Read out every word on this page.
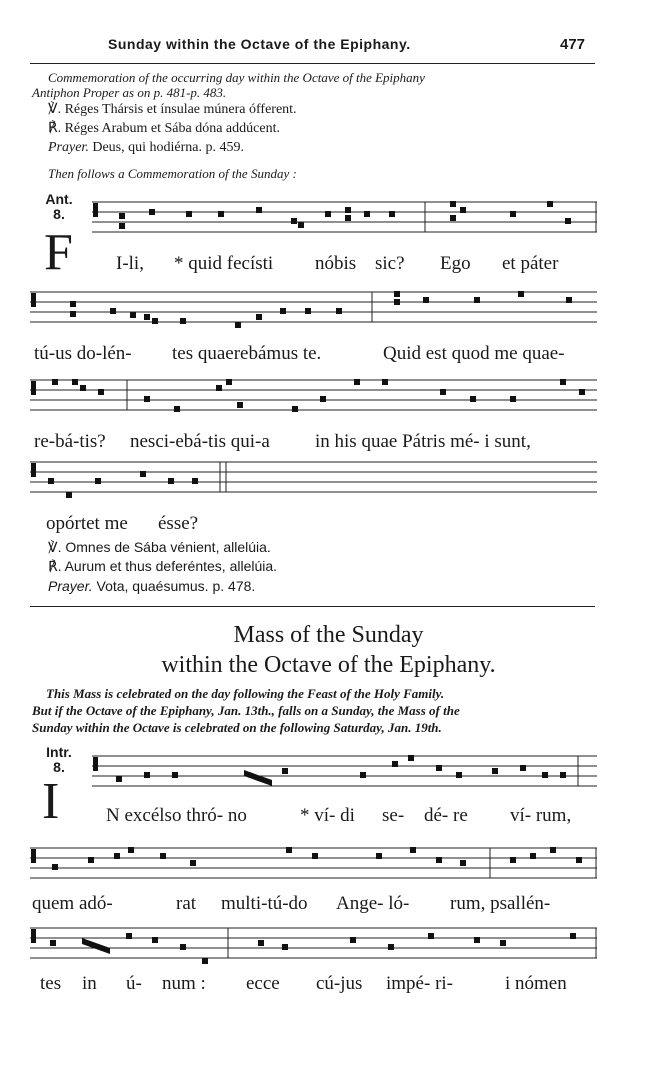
Sunday within the Octave of the Epiphany.	477
Commemoration of the occurring day within the Octave of the Epiphany
Antiphon Proper as on p. 481-p. 483.
℣. Réges Thársis et ínsulae múnera ófferent.
℟. Réges Arabum et Sába dóna addúcent.
Prayer. Deus, qui hodiérna. p. 459.
Then follows a Commemoration of the Sunday :
Ant.
8.
F I-li, * quid fecísti nóbis sic? Ego et páter
tú-us do-lén- tes quaerebámus te.	Quid est quod me quae-
re-bá-tis? nesci-ebá-tis qui-a in his quae Pátris mé- i sunt,
opórtet me ésse?
℣. Omnes de Sába vénient, allelúia.
℟. Aurum et thus deferéntes, allelúia.
Prayer. Vota, quaésumus. p. 478.
Mass of the Sunday
within the Octave of the Epiphany.
This Mass is celebrated on the day following the Feast of the Holy Family.
But if the Octave of the Epiphany, Jan. 13th., falls on a Sunday, the Mass of the
Sunday within the Octave is celebrated on the following Saturday, Jan. 19th.
Intr.
8.
I N excélso thró- no	* ví- di se- dé- re ví- rum,
quem adó-	rat multi-tú-do Ange- ló- rum, psallén-
tes in ú- num : ecce cú-jus impé- ri-	i nómen
